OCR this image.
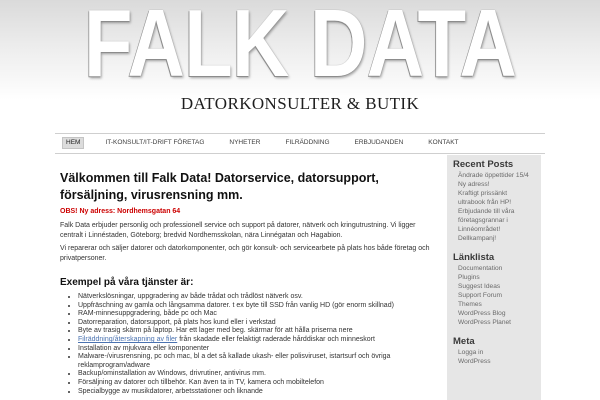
FALK DATA
DATORKONSULTER & BUTIK
HEM	IT-KONSULT/IT-DRIFT FÖRETAG	NYHETER	FILRÄDDNING	ERBJUDANDEN	KONTAKT
Välkommen till Falk Data! Datorservice, datorsupport, försäljning, virusrensning mm.
OBS! Ny adress: Nordhemsgatan 64

Falk Data erbjuder personlig och professionell service och support på datorer, nätverk och kringutrustning. Vi ligger centralt i Linnéstaden, Göteborg; bredvid Nordhemsskolan, nära Linnégatan och Hagabion.

Vi reparerar och säljer datorer och datorkomponenter, och gör konsult- och servicearbete på plats hos både företag och privatpersoner.

Exempel på våra tjänster är:
• Nätverkslösningar, uppgradering av både trådat och trådlöst nätverk osv.
• Uppfräschning av gamla och långsamma datorer. t ex byte till SSD från vanlig HD (gör enorm skillnad)
• RAM-minnesuppgradering, både pc och Mac
• Datorreparation, datorsupport, på plats hos kund eller i verkstad
• Byte av trasig skärm på laptop. Har ett lager med beg. skärmar för att hålla priserna nere
• Filräddning/återskapning av filer från skadade eller felaktigt raderade hårddiskar och minneskort
• Installation av mjukvara eller komponenter
• Malware-/virusrensning, pc och mac, bl a det så kallade ukash- eller polisviruset, istartsurf och övriga reklamprogram/adware
• Backup/ominstallation av Windows, drivrutiner, antivirus mm.
• Försäljning av datorer och tillbehör. Kan även ta in TV, kamera och mobiltelefon
• Specialbygge av musikdatorer, arbetsstationer och liknande
Recent Posts
Ändrade öppettider 15/4
Ny adress!
Kraftigt prissänkt ultrabook från HP!
Erbjudande till våra företagsgrannar i Linnéområdet!
Dellkampanj!
Länklista
Documentation
Plugins
Suggest Ideas
Support Forum
Themes
WordPress Blog
WordPress Planet
Meta
Logga in
WordPress
